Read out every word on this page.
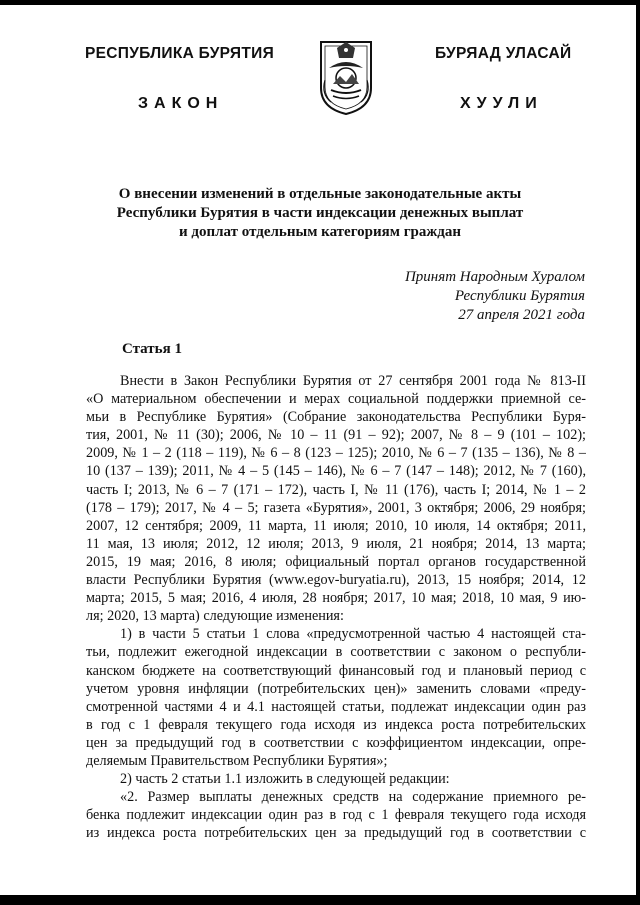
РЕСПУБЛИКА БУРЯТИЯ	БУРЯАД УЛАСАЙ
ЗАКОН	ХУУЛИ
О внесении изменений в отдельные законодательные акты
Республики Бурятия в части индексации денежных выплат
и доплат отдельным категориям граждан
Принят Народным Хуралом
Республики Бурятия
27 апреля 2021 года
Статья 1
Внести в Закон Республики Бурятия от 27 сентября 2001 года № 813-II
«О материальном обеспечении и мерах социальной поддержки приемной се-
мьи в Республике Бурятия» (Собрание законодательства Республики Буря-
тия, 2001, № 11 (30); 2006, № 10 – 11 (91 – 92); 2007, № 8 – 9 (101 – 102);
2009, № 1 – 2 (118 – 119), № 6 – 8 (123 – 125); 2010, № 6 – 7 (135 – 136), № 8 –
10 (137 – 139); 2011, № 4 – 5 (145 – 146), № 6 – 7 (147 – 148); 2012, № 7 (160),
часть I; 2013, № 6 – 7 (171 – 172), часть I, № 11 (176), часть I; 2014, № 1 – 2
(178 – 179); 2017, № 4 – 5; газета «Бурятия», 2001, 3 октября; 2006, 29 ноября;
2007, 12 сентября; 2009, 11 марта, 11 июля; 2010, 10 июля, 14 октября; 2011,
11 мая, 13 июля; 2012, 12 июля; 2013, 9 июля, 21 ноября; 2014, 13 марта;
2015, 19 мая; 2016, 8 июля; официальный портал органов государственной
власти Республики Бурятия (www.egov-buryatia.ru), 2013, 15 ноября; 2014, 12
марта; 2015, 5 мая; 2016, 4 июля, 28 ноября; 2017, 10 мая; 2018, 10 мая, 9 ию-
ля; 2020, 13 марта) следующие изменения:
1) в части 5 статьи 1 слова «предусмотренной частью 4 настоящей ста-
тьи, подлежит ежегодной индексации в соответствии с законом о республи-
канском бюджете на соответствующий финансовый год и плановый период с
учетом уровня инфляции (потребительских цен)» заменить словами «преду-
смотренной частями 4 и 4.1 настоящей статьи, подлежат индексации один раз
в год с 1 февраля текущего года исходя из индекса роста потребительских
цен за предыдущий год в соответствии с коэффициентом индексации, опре-
деляемым Правительством Республики Бурятия»;
2) часть 2 статьи 1.1 изложить в следующей редакции:
«2. Размер выплаты денежных средств на содержание приемного ре-
бенка подлежит индексации один раз в год с 1 февраля текущего года исходя
из индекса роста потребительских цен за предыдущий год в соответствии с
